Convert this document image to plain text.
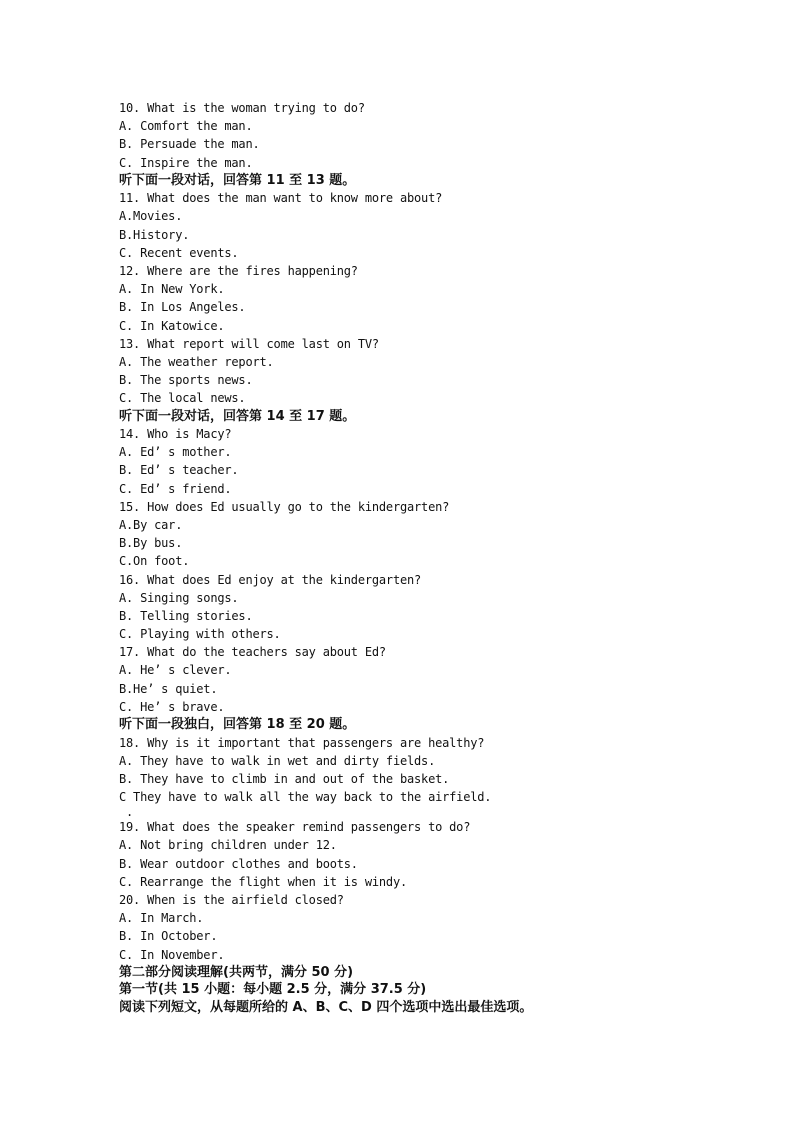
10. What is the woman trying to do?
A. Comfort the man.
B. Persuade the man.
C. Inspire the man.
听下面一段对话，回答第 11 至 13 题。
11. What does the man want to know more about?
A.Movies.
B.History.
C. Recent events.
12. Where are the fires happening?
A. In New York.
B. In Los Angeles.
C. In Katowice.
13. What report will come last on TV?
A. The weather report.
B. The sports news.
C. The local news.
听下面一段对话，回答第 14 至 17 题。
14. Who is Macy?
A. Ed’ s mother.
B. Ed’ s teacher.
C. Ed’ s friend.
15. How does Ed usually go to the kindergarten?
A.By car.
B.By bus.
C.On foot.
16. What does Ed enjoy at the kindergarten?
A. Singing songs.
B. Telling stories.
C. Playing with others.
17. What do the teachers say about Ed?
A. He’ s clever.
B.He’ s quiet.
C. He’ s brave.
听下面一段独白，回答第 18 至 20 题。
18. Why is it important that passengers are healthy?
A. They have to walk in wet and dirty fields.
B. They have to climb in and out of the basket.
C They have to walk all the way back to the airfield.
.
19. What does the speaker remind passengers to do?
A. Not bring children under 12.
B. Wear outdoor clothes and boots.
C. Rearrange the flight when it is windy.
20. When is the airfield closed?
A. In March.
B. In October.
C. In November.
第二部分阅读理解(共两节，满分 50 分)
第一节(共 15 小题：每小题 2.5 分，满分 37.5 分)
阅读下列短文，从每题所给的 A、B、C、D 四个选项中选出最佳选项。
